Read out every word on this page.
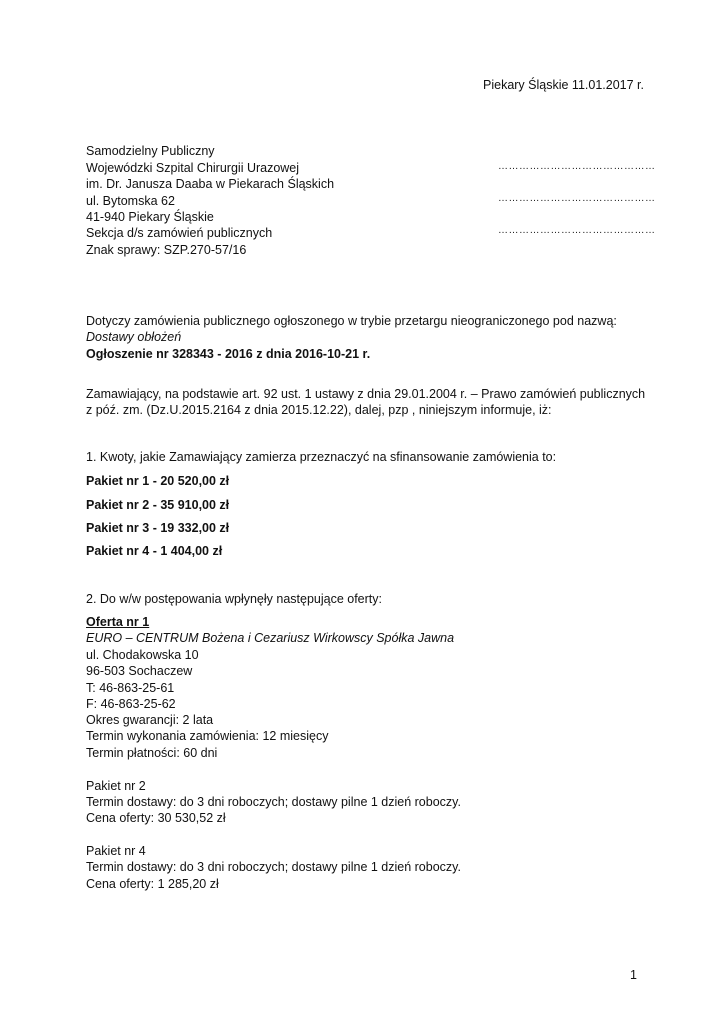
Piekary Śląskie 11.01.2017 r.
Samodzielny Publiczny
Wojewódzki Szpital Chirurgii Urazowej
im. Dr. Janusza Daaba w Piekarach Śląskich
ul. Bytomska 62
41-940 Piekary Śląskie
Sekcja d/s zamówień publicznych
Znak sprawy: SZP.270-57/16
………………………………………
………………………………………
………………………………………
Dotyczy zamówienia publicznego ogłoszonego w trybie przetargu nieograniczonego pod nazwą:
Dostawy obłożeń
Ogłoszenie nr 328343 - 2016 z dnia 2016-10-21 r.
Zamawiający, na podstawie art. 92 ust. 1 ustawy z dnia 29.01.2004 r. – Prawo zamówień publicznych
z póź. zm. (Dz.U.2015.2164 z dnia 2015.12.22), dalej, pzp , niniejszym informuje, iż:
1. Kwoty, jakie Zamawiający zamierza przeznaczyć na sfinansowanie zamówienia to:
Pakiet nr 1 - 20 520,00 zł
Pakiet nr 2 - 35 910,00 zł
Pakiet nr 3 - 19 332,00 zł
Pakiet nr 4 - 1 404,00 zł
2. Do w/w postępowania wpłynęły następujące oferty:
Oferta nr 1
EURO – CENTRUM Bożena i Cezariusz Wirkowscy Spółka Jawna
ul. Chodakowska 10
96-503 Sochaczew
T: 46-863-25-61
F: 46-863-25-62
Okres gwarancji: 2 lata
Termin wykonania zamówienia: 12 miesięcy
Termin płatności: 60 dni
Pakiet nr 2
Termin dostawy: do 3 dni roboczych; dostawy pilne 1 dzień roboczy.
Cena oferty: 30 530,52 zł
Pakiet nr 4
Termin dostawy: do 3 dni roboczych; dostawy pilne 1 dzień roboczy.
Cena oferty: 1 285,20 zł
1
